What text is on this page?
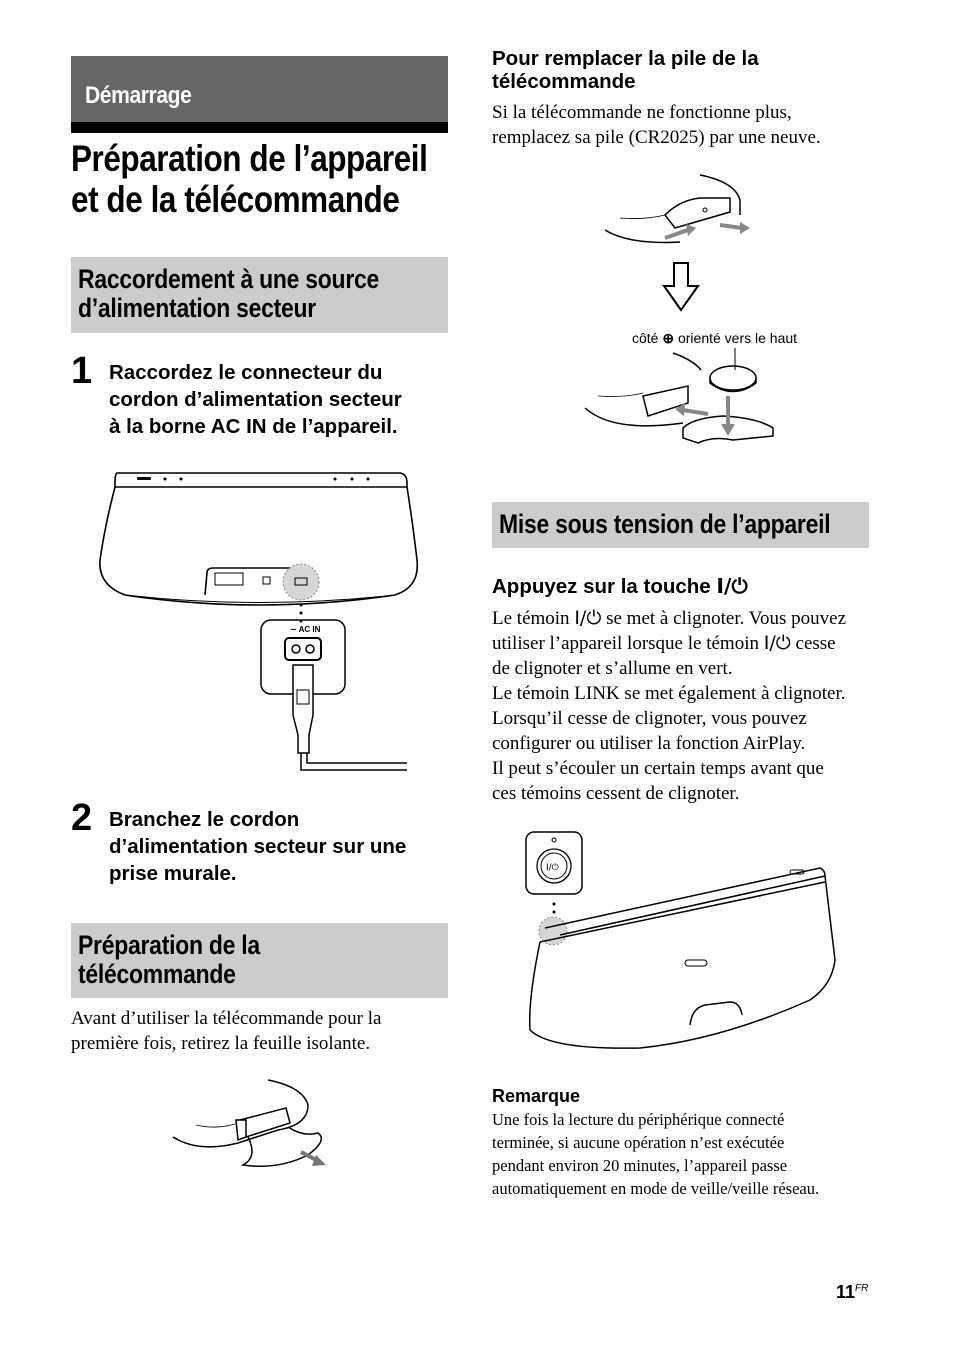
Démarrage
Préparation de l’appareil
et de la télécommande
Raccordement à une source
d’alimentation secteur
1 Raccordez le connecteur du
cordon d’alimentation secteur
à la borne AC IN de l’appareil.
∼ AC IN
2 Branchez le cordon
d’alimentation secteur sur une
prise murale.
Préparation de la
télécommande
Avant d’utiliser la télécommande pour la
première fois, retirez la feuille isolante.
Pour remplacer la pile de la
télécommande
Si la télécommande ne fonctionne plus,
remplacez sa pile (CR2025) par une neuve.
côté ⊕ orienté vers le haut
Mise sous tension de l’appareil
Appuyez sur la touche I/⏻
Le témoin I/⏻ se met à clignoter. Vous pouvez
utiliser l’appareil lorsque le témoin I/⏻ cesse
de clignoter et s’allume en vert.
Le témoin LINK se met également à clignoter.
Lorsqu’il cesse de clignoter, vous pouvez
configurer ou utiliser la fonction AirPlay.
Il peut s’écouler un certain temps avant que
ces témoins cessent de clignoter.
I/⏻
Remarque
Une fois la lecture du périphérique connecté
terminée, si aucune opération n’est exécutée
pendant environ 20 minutes, l’appareil passe
automatiquement en mode de veille/veille réseau.
$11^{FR}$
